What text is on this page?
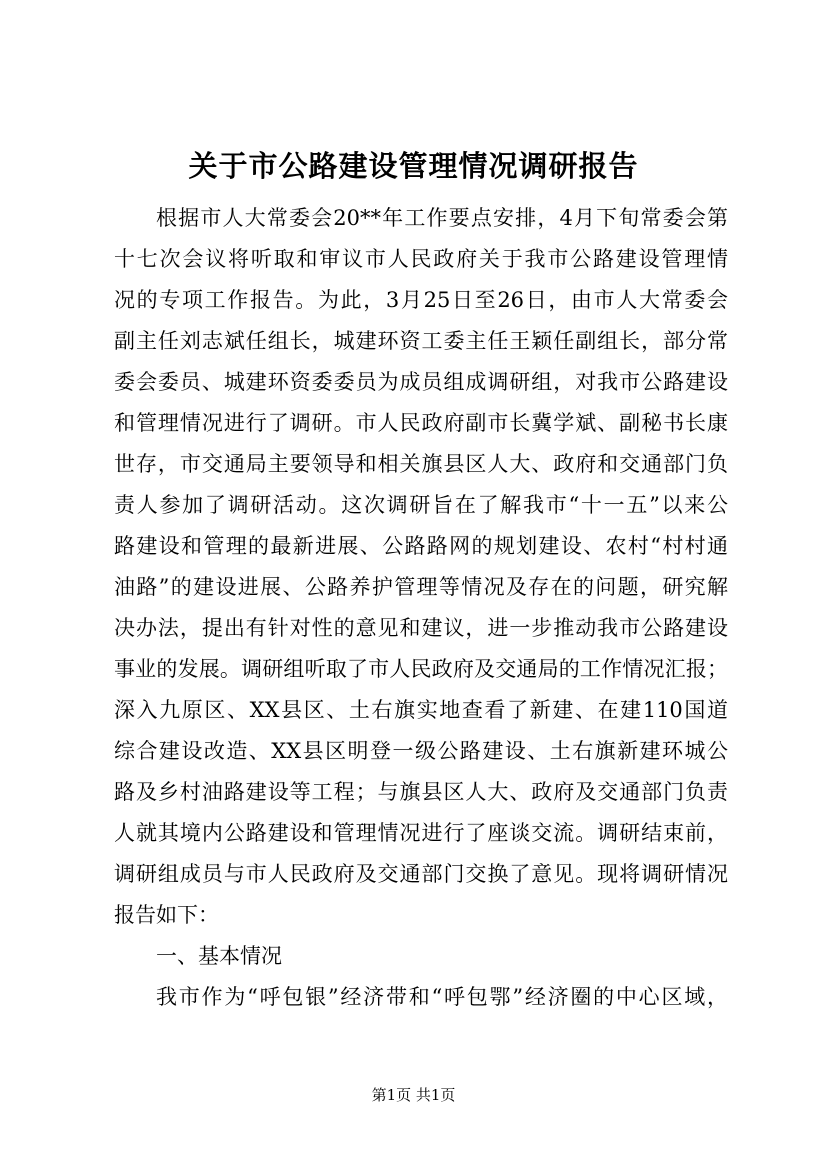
关于市公路建设管理情况调研报告
根据市人大常委会20**年工作要点安排，4月下旬常委会第
十七次会议将听取和审议市人民政府关于我市公路建设管理情
况的专项工作报告。为此，3月25日至26日，由市人大常委会
副主任刘志斌任组长，城建环资工委主任王颖任副组长，部分常
委会委员、城建环资委委员为成员组成调研组，对我市公路建设
和管理情况进行了调研。市人民政府副市长冀学斌、副秘书长康
世存，市交通局主要领导和相关旗县区人大、政府和交通部门负
责人参加了调研活动。这次调研旨在了解我市“十一五”以来公
路建设和管理的最新进展、公路路网的规划建设、农村“村村通
油路”的建设进展、公路养护管理等情况及存在的问题，研究解
决办法，提出有针对性的意见和建议，进一步推动我市公路建设
事业的发展。调研组听取了市人民政府及交通局的工作情况汇报；
深入九原区、XX县区、土右旗实地查看了新建、在建110国道
综合建设改造、XX县区明登一级公路建设、土右旗新建环城公
路及乡村油路建设等工程；与旗县区人大、政府及交通部门负责
人就其境内公路建设和管理情况进行了座谈交流。调研结束前，
调研组成员与市人民政府及交通部门交换了意见。现将调研情况
报告如下：
一、基本情况
我市作为“呼包银”经济带和“呼包鄂”经济圈的中心区域，
第1页 共1页
